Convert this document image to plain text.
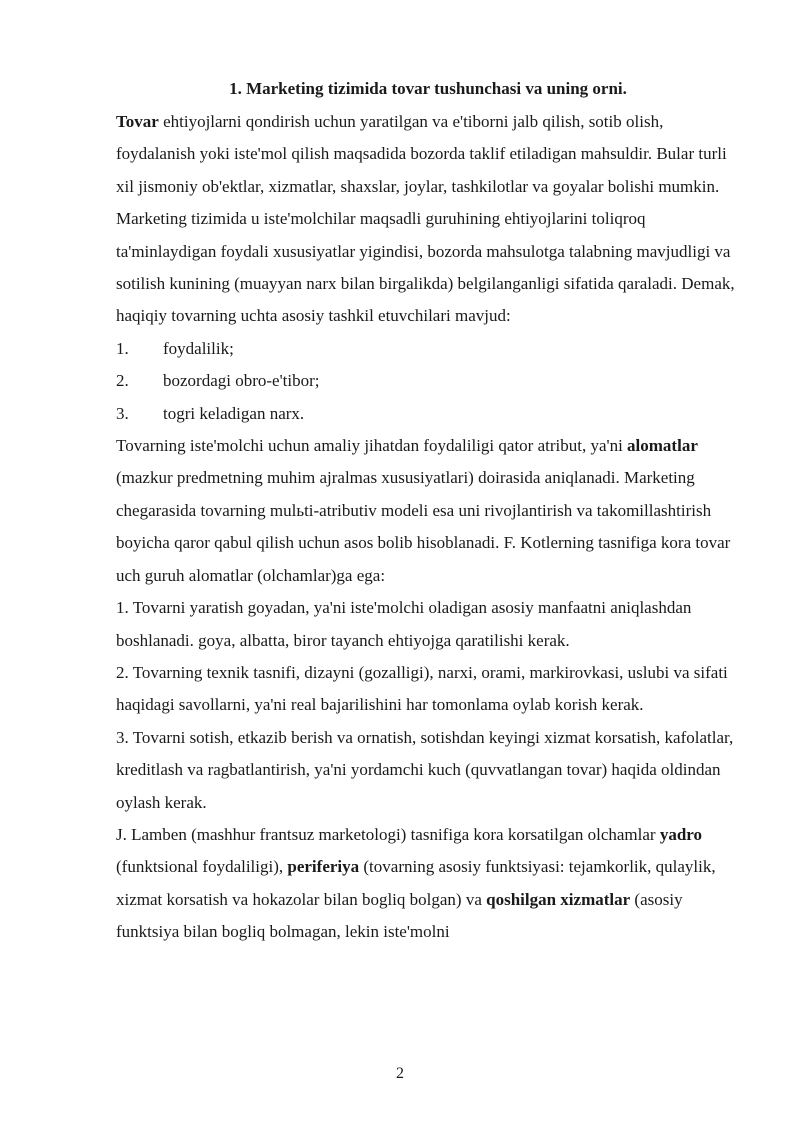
1. Marketing tizimida tovar tushunchasi va uning orni.

Tovar ehtiyojlarni qondirish uchun yaratilgan va e'tiborni jalb qilish, sotib olish, foydalanish yoki iste'mol qilish maqsadida bozorda taklif etiladigan mahsuldir. Bular turli xil jismoniy ob'ektlar, xizmatlar, shaxslar, joylar, tashkilotlar va goyalar bolishi mumkin. Marketing tizimida u iste'molchilar maqsadli guruhining ehtiyojlarini toliqroq ta'minlaydigan foydali xususiyatlar yigindisi, bozorda mahsulotga talabning mavjudligi va sotilish kunining (muayyan narx bilan birgalikda) belgilanganligi sifatida qaraladi. Demak, haqiqiy tovarning uchta asosiy tashkil etuvchilari mavjud:

1.	foydalilik;

2.	bozordagi obro-e'tibor;

3.	togri keladigan narx.

Tovarning iste'molchi uchun amaliy jihatdan foydaliligi qator atribut, ya'ni alomatlar (mazkur predmetning muhim ajralmas xususiyatlari) doirasida aniqlanadi. Marketing chegarasida tovarning mulьti-atributiv modeli esa uni rivojlantirish va takomillashtirish boyicha qaror qabul qilish uchun asos bolib hisoblanadi. F. Kotlerning tasnifiga kora tovar uch guruh alomatlar (olchamlar)ga ega:

1. Tovarni yaratish goyadan, ya'ni iste'molchi oladigan asosiy manfaatni aniqlashdan boshlanadi. goya, albatta, biror tayanch ehtiyojga qaratilishi kerak.

2. Tovarning texnik tasnifi, dizayni (gozalligi), narxi, orami, markirovkasi, uslubi va sifati haqidagi savollarni, ya'ni real bajarilishini har tomonlama oylab korish kerak.

3. Tovarni sotish, etkazib berish va ornatish, sotishdan keyingi xizmat korsatish, kafolatlar, kreditlash va ragbatlantirish, ya'ni yordamchi kuch (quvvatlangan tovar) haqida oldindan oylash kerak.

J. Lamben (mashhur frantsuz marketologi) tasnifiga kora korsatilgan olchamlar yadro (funktsional foydaliligi), periferiya (tovarning asosiy funktsiyasi: tejamkorlik, qulaylik, xizmat korsatish va hokazolar bilan bogliq bolgan) va qoshilgan xizmatlar (asosiy funktsiya bilan bogliq bolmagan, lekin iste'molni

2
